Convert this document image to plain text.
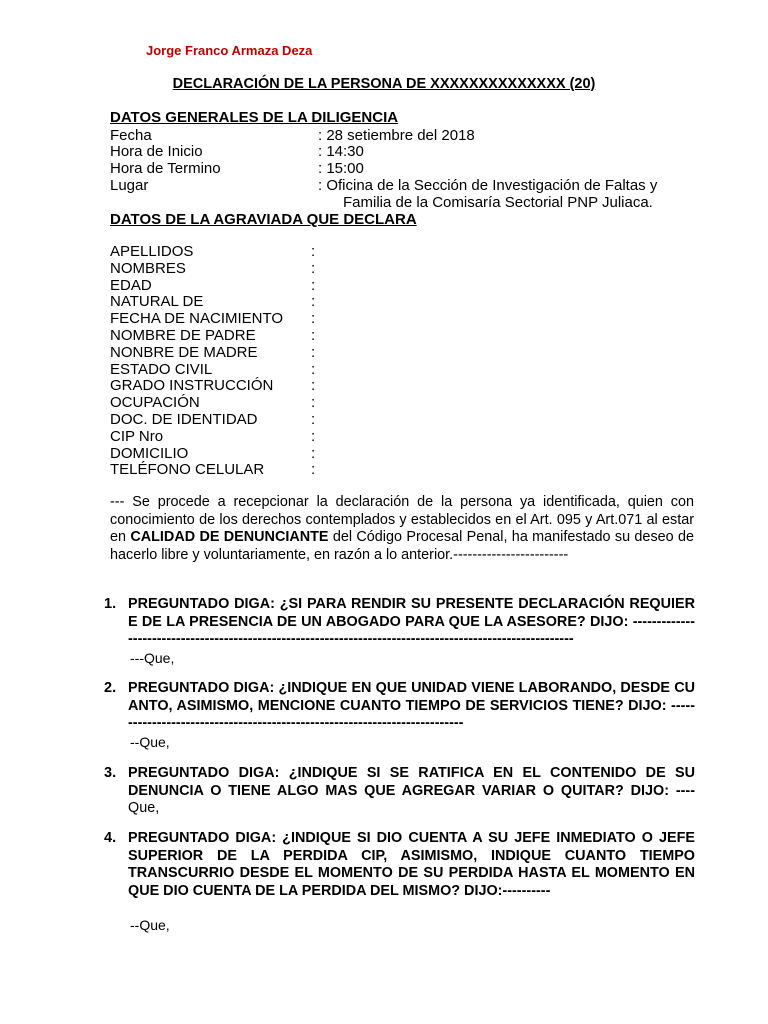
Jorge Franco Armaza Deza
DECLARACIÓN DE LA PERSONA DE XXXXXXXXXXXXXX (20)
DATOS GENERALES DE LA DILIGENCIA
Fecha	: 28 setiembre del 2018
Hora de Inicio	: 14:30
Hora de Termino	: 15:00
Lugar	: Oficina de la Sección de Investigación de Faltas y
Familia de la Comisaría Sectorial PNP Juliaca.
DATOS DE LA AGRAVIADA QUE DECLARA
APELLIDOS	:
NOMBRES	:
EDAD	:
NATURAL DE	:
FECHA DE NACIMIENTO :
NOMBRE DE PADRE	:
NONBRE DE MADRE	:
ESTADO CIVIL	:
GRADO INSTRUCCIÓN	:
OCUPACIÓN	:
DOC. DE IDENTIDAD	:
CIP Nro	:
DOMICILIO	:
TELÉFONO CELULAR	:
--- Se procede a recepcionar la declaración de la persona ya identificada, quien con conocimiento de los derechos contemplados y establecidos en el Art. 095 y Art.071 al estar en CALIDAD DE DENUNCIANTE del Código Procesal Penal, ha manifestado su deseo de hacerlo libre y voluntariamente, en razón a lo anterior.------------------------
1. PREGUNTADO DIGA: ¿SI PARA RENDIR SU PRESENTE DECLARACIÓN REQUIERE DE LA PRESENCIA DE UN ABOGADO PARA QUE LA ASESORE? DIJO: ----------------------------------------------------------------------------------------------------------
---Que,
2. PREGUNTADO DIGA: ¿INDIQUE EN QUE UNIDAD VIENE LABORANDO, DESDE CUANTO, ASIMISMO, MENCIONE CUANTO TIEMPO DE SERVICIOS TIENE? DIJO: ---------------------------------------------------------------------------
--Que,
3. PREGUNTADO DIGA: ¿INDIQUE SI SE RATIFICA EN EL CONTENIDO DE SU DENUNCIA O TIENE ALGO MAS QUE AGREGAR VARIAR O QUITAR? DIJO: ----Que,
4. PREGUNTADO DIGA: ¿INDIQUE SI DIO CUENTA A SU JEFE INMEDIATO O JEFE SUPERIOR DE LA PERDIDA CIP, ASIMISMO, INDIQUE CUANTO TIEMPO TRANSCURRIO DESDE EL MOMENTO DE SU PERDIDA HASTA EL MOMENTO EN QUE DIO CUENTA DE LA PERDIDA DEL MISMO? DIJO:----------
--Que,
